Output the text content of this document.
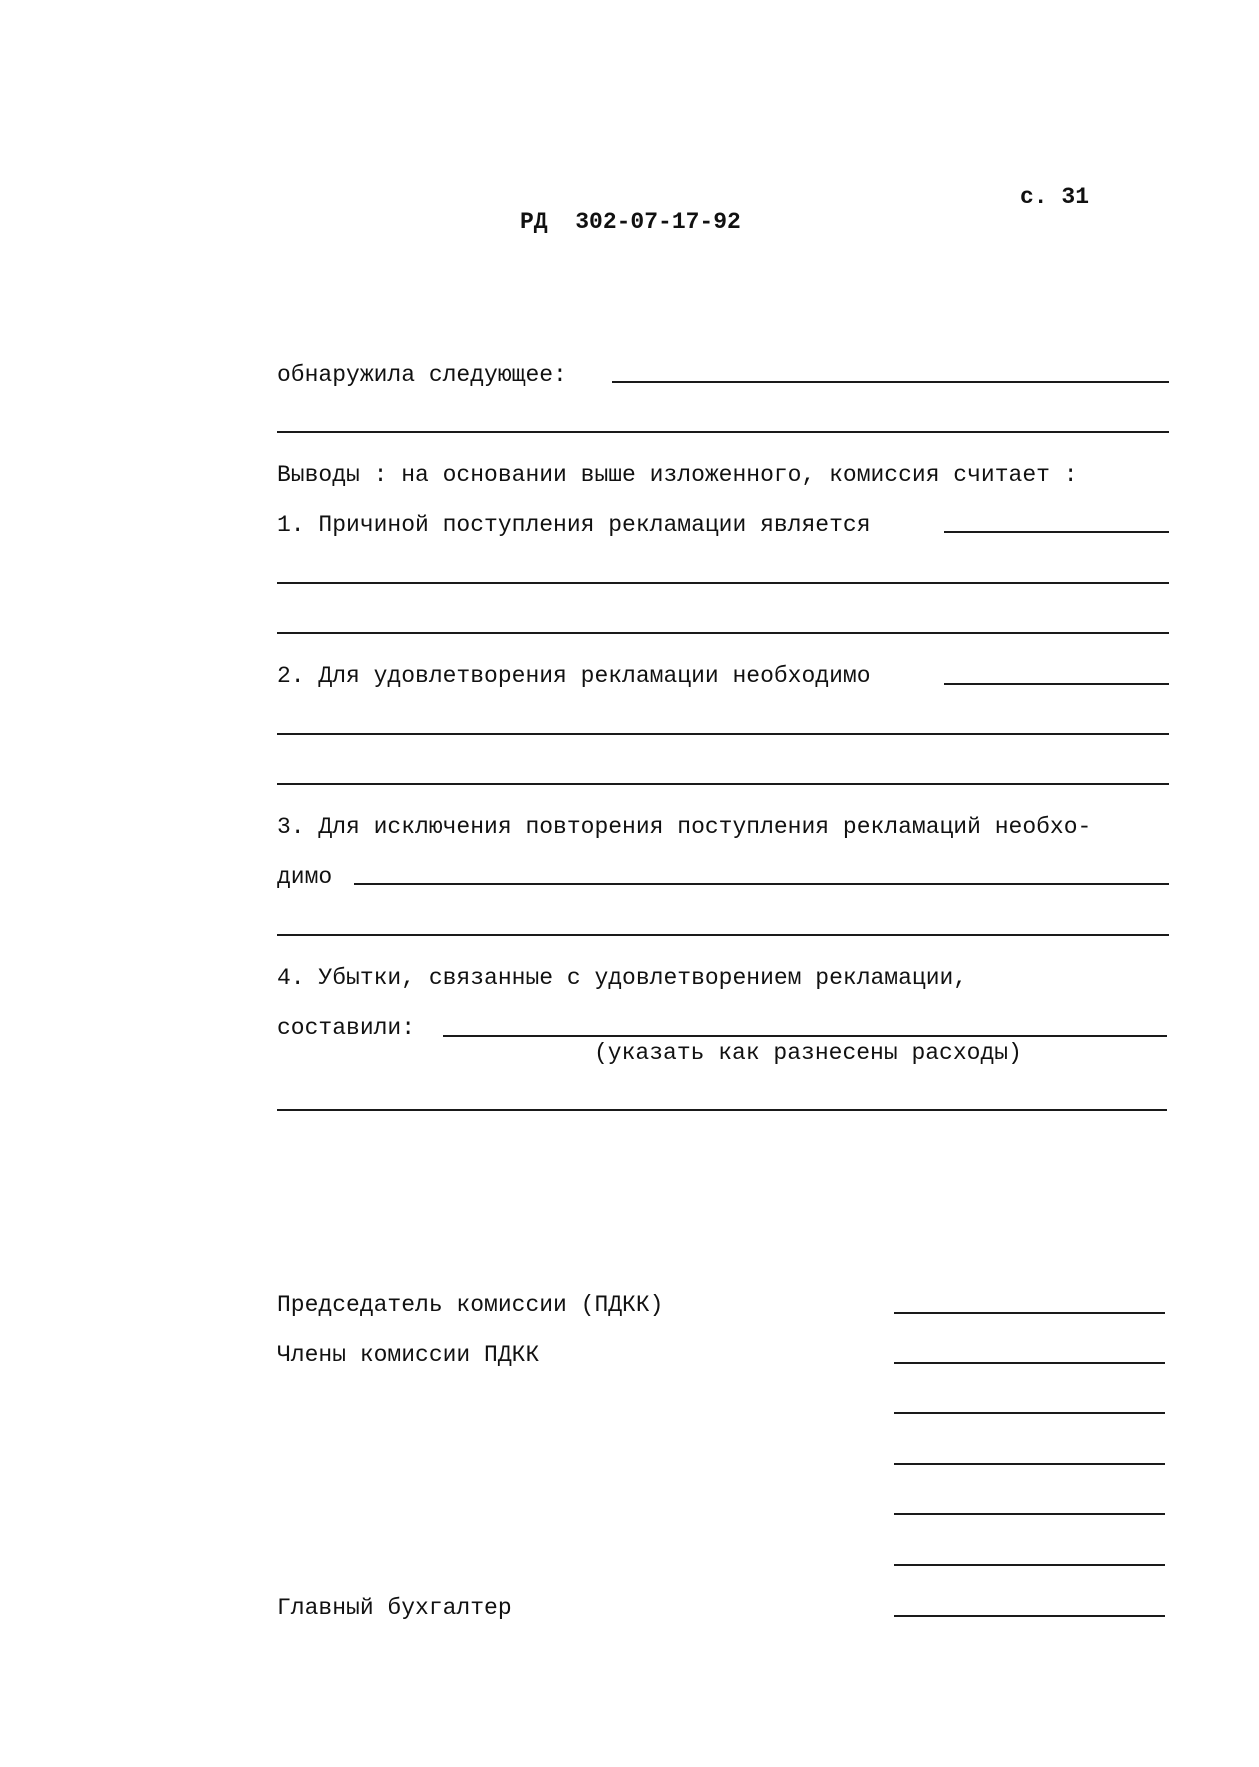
с. 31
РД  302-07-17-92
обнаружила следующее:
Выводы : на основании выше изложенного, комиссия считает :
1. Причиной поступления рекламации является
2. Для удовлетворения рекламации необходимо
3. Для исключения повторения поступления рекламаций необхо-
димо
4. Убытки, связанные с удовлетворением рекламации,
составили:
(указать как разнесены расходы)
Председатель комиссии (ПДКК)
Члены комиссии ПДКК
Главный бухгалтер
